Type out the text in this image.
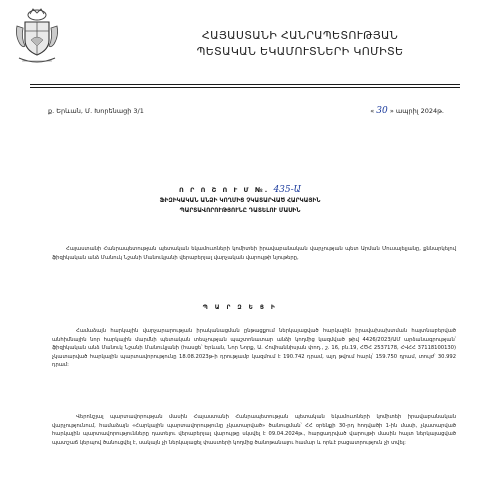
ՀԱՅԱՍՏԱՆԻ ՀԱՆՐԱՊԵՏՈՒԹՅԱՆ
ՊԵՏԱԿԱՆ ԵԿԱՄՈՒՏՆԵՐԻ ԿՈՄԻՏԵ
ք. Երևան, Մ. Խորենացի 3/1	« 30 » ապրիլ 2024թ.
Ո Ր Ո Շ Ո Ւ Մ №. 435-Ա
ՖԻԶԻԿԱԿԱՆ ԱՆՁԻ ԿՈՂՄԻՑ ՉԿԱՏԱՐՎԱԾ ՀԱՐԿԱՅԻՆ
ՊԱՐՏԱՎՈՐՈՒԹՅՈՒՆԸ ԴԱՏԵԼՈՒ ՄԱՍԻՆ
Հայաստանի Հանրապետության պետական եկամուտների կոմիտեի իրավաբանական վարչության պետ Արման Մուսայելյանը, քննարկելով ֆիզիկական անձ Մանուկ Նշանի Մանուկյանի վերաբերյալ վարչական վարույթի նյութերը,
Պ Ա Ր Զ Ե Ց Ի
Համաձայն հարկային վարչարարության իրականացման ընթացքում ներկայացված հարկային իրավախախտման հայտնաբերված անհիմնային նոր հարկային մարմնի պետական տեսչության պաշտոնատար անձի կողմից կազմված թիվ 4426/2023/ԱՄ արձանագրության՝ ֆիզիկական անձ Մանուկ Նշանի Մանուկյանի (հասցե՝ Երևան, Նոր Նորք, Ա. Հովհաննիսյան փող., շ. 16, բն.19, ՀԾՀ 2537178, ՀՎՀՀ 37118100130) չկատարված հարկային պարտավորությունը 18.08.2023թ-ի դրությամբ կազմում է 190.742 դրամ, այդ թվում հարկ՝ 159.750 դրամ, տույժ՝ 30.992 դրամ:
Վերոնշյալ պարտավորության մասին Հայաստանի Հանրապետության պետական եկամուտների կոմիտեի իրավաբանական վարչությունում, համաձայն «Հարկային պարտավորությունը չկատարված» ծանուցման՝ ՀՀ օրենքի 30-րդ հոդվածի 1-ին մասի, չկատարված հարկային պարտավորությունները դատելու վերաբերյալ վարույթը սկսվել է 09.04.2024թ., հարցադրված վարույթի մասին հայտ ներկայացված պատշաճ կերպով ծանուցվել է, սակայն չի ներկայացել փաստերի կողմից ծանոթանալու համար և որևէ բացատրություն չի տվել:
